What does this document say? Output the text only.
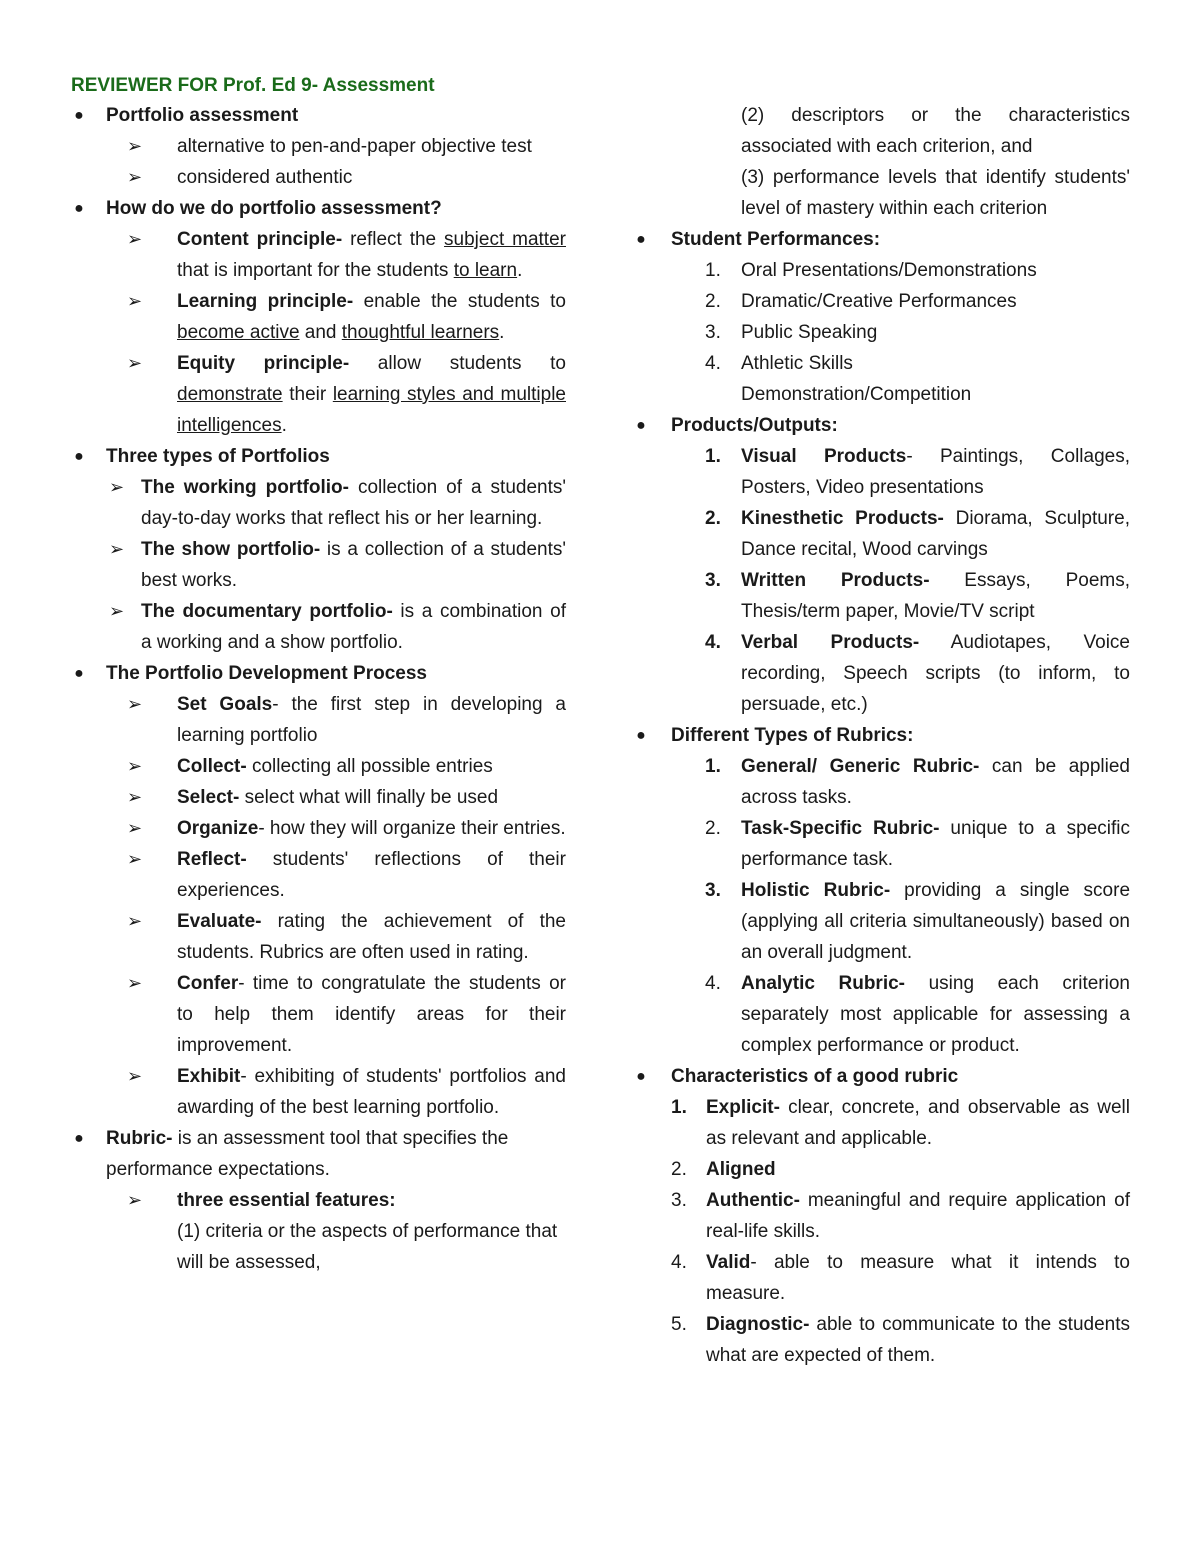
REVIEWER FOR Prof. Ed 9- Assessment
● Portfolio assessment
➢	alternative to pen-and-paper objective test
➢	considered authentic
● How do we do portfolio assessment?
➢	Content principle- reflect the subject matter that is important for the students to learn.
➢	Learning principle- enable the students to become active and thoughtful learners.
➢	Equity principle- allow students to demonstrate their learning styles and multiple intelligences.
● Three types of Portfolios
➢ The working portfolio- collection of a students' day-to-day works that reflect his or her learning.
➢ The show portfolio- is a collection of a students' best works.
➢ The documentary portfolio- is a combination of a working and a show portfolio.
● The Portfolio Development Process
➢	Set Goals- the first step in developing a learning portfolio
➢	Collect- collecting all possible entries
➢	Select- select what will finally be used
➢	Organize- how they will organize their entries.
➢	Reflect- students' reflections of their experiences.
➢	Evaluate- rating the achievement of the students. Rubrics are often used in rating.
➢	Confer- time to congratulate the students or to help them identify areas for their improvement.
➢	Exhibit- exhibiting of students' portfolios and awarding of the best learning portfolio.
● Rubric- is an assessment tool that specifies the performance expectations.
➢	three essential features:
(1) criteria or the aspects of performance that will be assessed,
(2) descriptors or the characteristics associated with each criterion, and
(3) performance levels that identify students' level of mastery within each criterion
● Student Performances:
1.	Oral Presentations/Demonstrations
2.	Dramatic/Creative Performances
3.	Public Speaking
4.	Athletic Skills Demonstration/Competition
● Products/Outputs:
1.	Visual Products- Paintings, Collages, Posters, Video presentations
2.	Kinesthetic Products- Diorama, Sculpture, Dance recital, Wood carvings
3.	Written Products- Essays, Poems, Thesis/term paper, Movie/TV script
4.	Verbal Products- Audiotapes, Voice recording, Speech scripts (to inform, to persuade, etc.)
● Different Types of Rubrics:
1.	General/ Generic Rubric- can be applied across tasks.
2.	Task-Specific Rubric- unique to a specific performance task.
3.	Holistic Rubric- providing a single score (applying all criteria simultaneously) based on an overall judgment.
4.	Analytic Rubric- using each criterion separately most applicable for assessing a complex performance or product.
● Characteristics of a good rubric
1.	Explicit- clear, concrete, and observable as well as relevant and applicable.
2.	Aligned
3.	Authentic- meaningful and require application of real-life skills.
4.	Valid- able to measure what it intends to measure.
5.	Diagnostic- able to communicate to the students what are expected of them.
